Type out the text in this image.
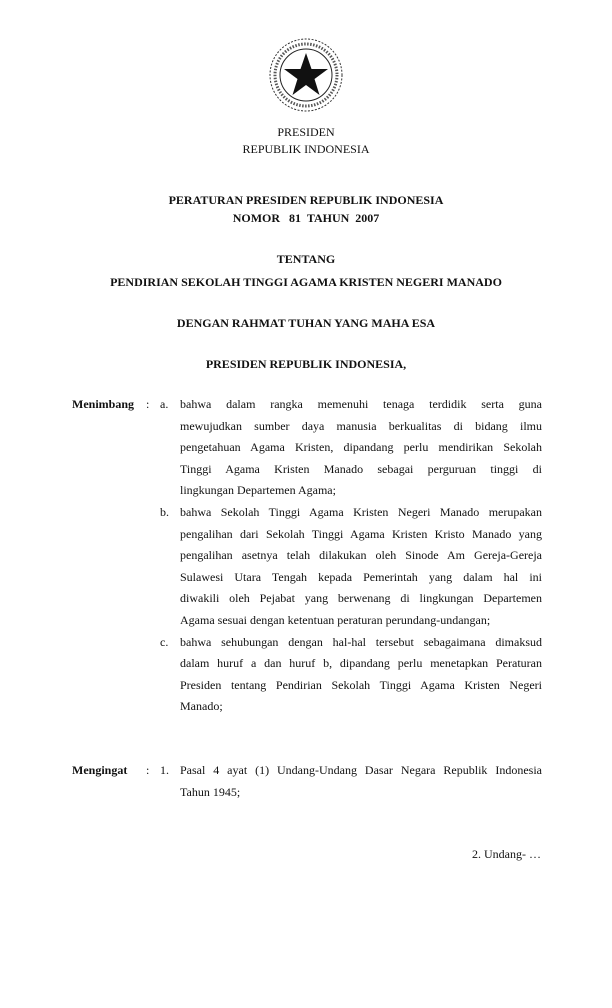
PRESIDEN
REPUBLIK INDONESIA
PERATURAN PRESIDEN REPUBLIK INDONESIA
NOMOR   81  TAHUN  2007
TENTANG
PENDIRIAN SEKOLAH TINGGI AGAMA KRISTEN NEGERI MANADO
DENGAN RAHMAT TUHAN YANG MAHA ESA
PRESIDEN REPUBLIK INDONESIA,
Menimbang : a. bahwa dalam rangka memenuhi tenaga terdidik serta guna
mewujudkan sumber daya manusia berkualitas di bidang ilmu
pengetahuan Agama Kristen, dipandang perlu mendirikan Sekolah
Tinggi Agama Kristen Manado sebagai perguruan tinggi di
lingkungan Departemen Agama;
b. bahwa Sekolah Tinggi Agama Kristen Negeri Manado merupakan
pengalihan dari Sekolah Tinggi Agama Kristen Kristo Manado yang
pengalihan asetnya telah dilakukan oleh Sinode Am Gereja-Gereja
Sulawesi Utara Tengah kepada Pemerintah yang dalam hal ini
diwakili oleh Pejabat yang berwenang di lingkungan Departemen
Agama sesuai dengan ketentuan peraturan perundang-undangan;
c. bahwa sehubungan dengan hal-hal tersebut sebagaimana dimaksud
dalam huruf a dan huruf b, dipandang perlu menetapkan Peraturan
Presiden tentang Pendirian Sekolah Tinggi Agama Kristen Negeri
Manado;
Mengingat : 1. Pasal 4 ayat (1) Undang-Undang Dasar Negara Republik Indonesia
Tahun 1945;
2. Undang- …
